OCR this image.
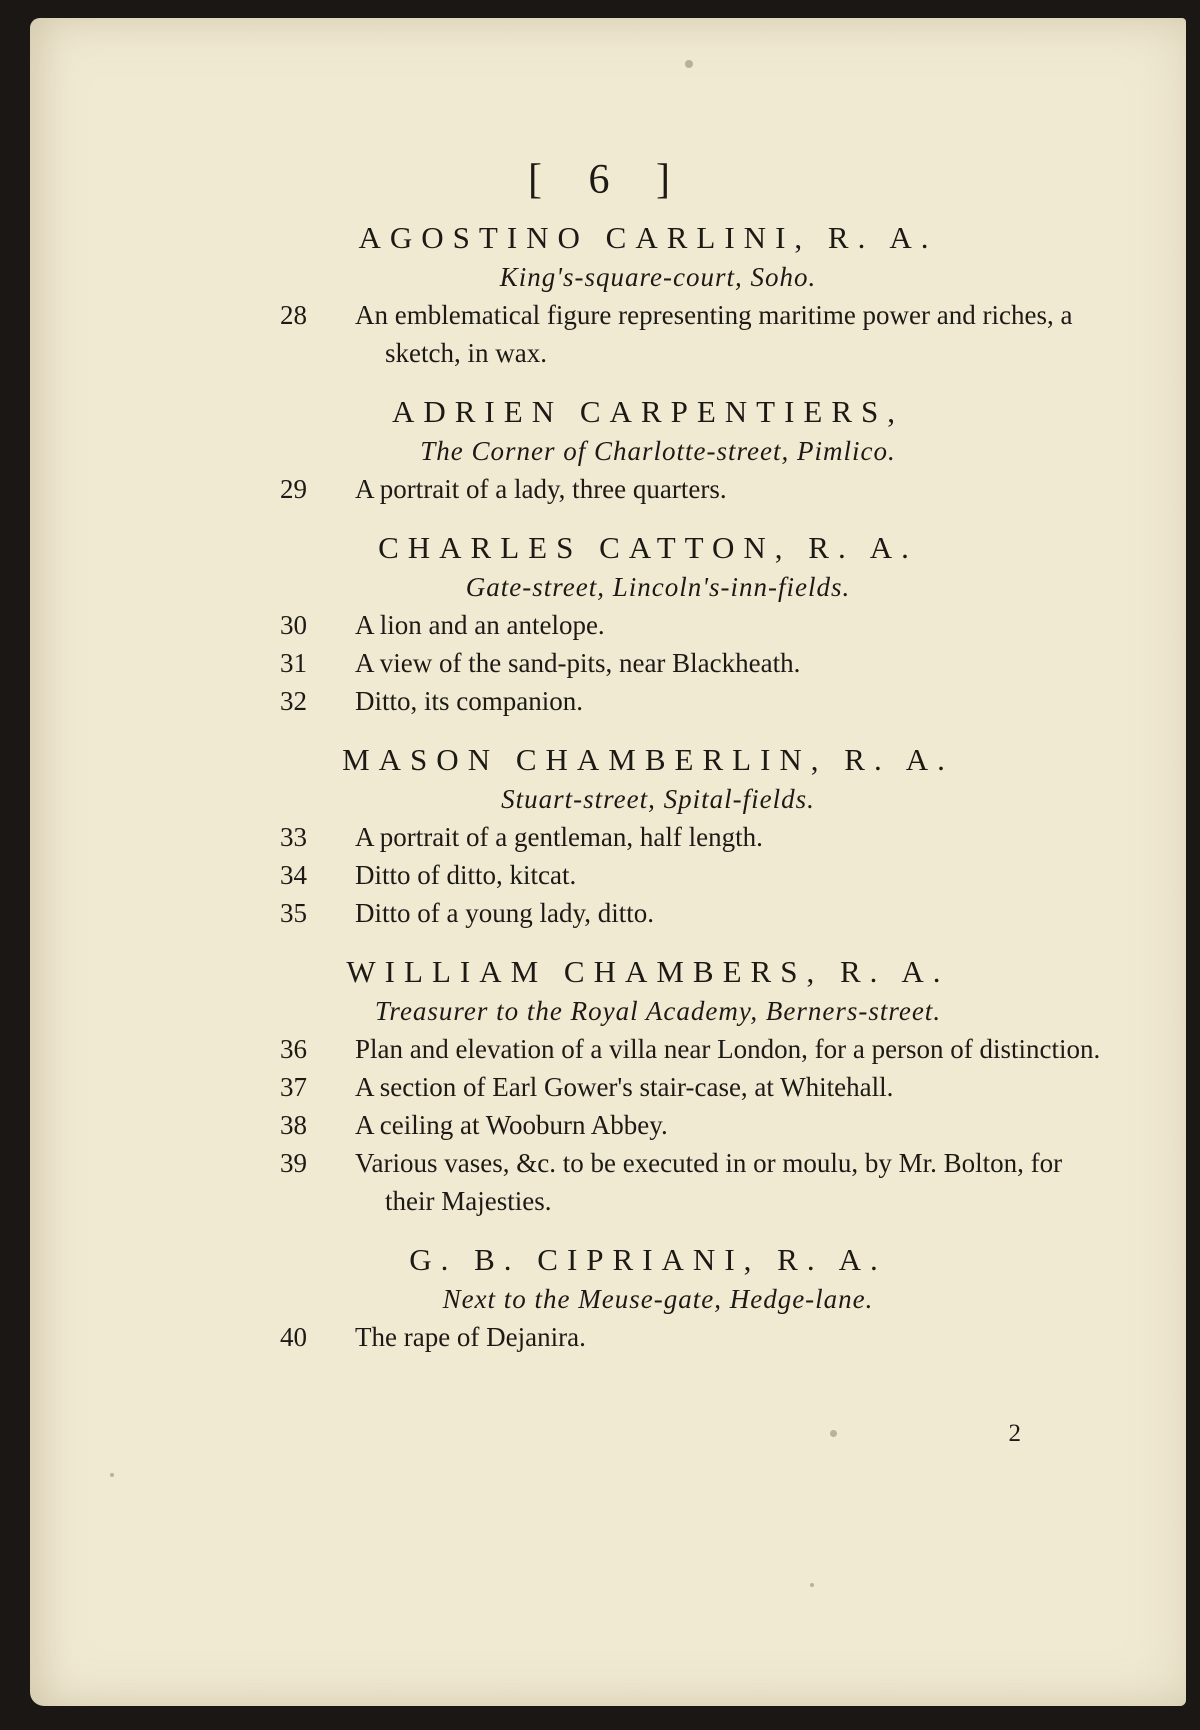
[ 6 ]
AGOSTINO CARLINI, R. A.
King's-square-court, Soho.
28	An emblematical figure representing maritime power and riches, a sketch, in wax.
ADRIEN CARPENTIERS,
The Corner of Charlotte-street, Pimlico.
29	A portrait of a lady, three quarters.
CHARLES CATTON, R. A.
Gate-street, Lincoln's-inn-fields.
30	A lion and an antelope.
31	A view of the sand-pits, near Blackheath.
32	Ditto, its companion.
MASON CHAMBERLIN, R. A.
Stuart-street, Spital-fields.
33	A portrait of a gentleman, half length.
34	Ditto of ditto, kitcat.
35	Ditto of a young lady, ditto.
WILLIAM CHAMBERS, R. A.
Treasurer to the Royal Academy, Berners-street.
36	Plan and elevation of a villa near London, for a person of distinction.
37	A section of Earl Gower's stair-case, at Whitehall.
38	A ceiling at Wooburn Abbey.
39	Various vases, &c. to be executed in or moulu, by Mr. Bolton, for their Majesties.
G. B. CIPRIANI, R. A.
Next to the Meuse-gate, Hedge-lane.
40	The rape of Dejanira.
2
